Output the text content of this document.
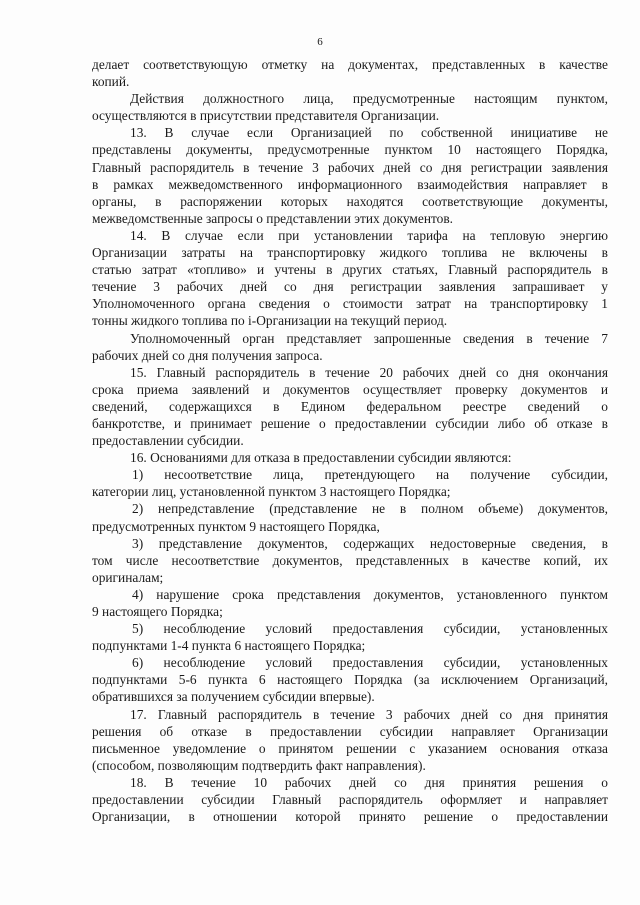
6
делает соответствующую отметку на документах, представленных в качестве
копий.
Действия должностного лица, предусмотренные настоящим пунктом,
осуществляются в присутствии представителя Организации.
13. В случае если Организацией по собственной инициативе не
представлены документы, предусмотренные пунктом 10 настоящего Порядка,
Главный распорядитель в течение 3 рабочих дней со дня регистрации заявления
в рамках межведомственного информационного взаимодействия направляет в
органы, в распоряжении которых находятся соответствующие документы,
межведомственные запросы о представлении этих документов.
14. В случае если при установлении тарифа на тепловую энергию
Организации затраты на транспортировку жидкого топлива не включены в
статью затрат «топливо» и учтены в других статьях, Главный распорядитель в
течение 3 рабочих дней со дня регистрации заявления запрашивает у
Уполномоченного органа сведения о стоимости затрат на транспортировку 1
тонны жидкого топлива по i-Организации на текущий период.
Уполномоченный орган представляет запрошенные сведения в течение 7
рабочих дней со дня получения запроса.
15. Главный распорядитель в течение 20 рабочих дней со дня окончания
срока приема заявлений и документов осуществляет проверку документов и
сведений, содержащихся в Едином федеральном реестре сведений о
банкротстве, и принимает решение о предоставлении субсидии либо об отказе в
предоставлении субсидии.
16. Основаниями для отказа в предоставлении субсидии являются:
1) несоответствие лица, претендующего на получение субсидии,
категории лиц, установленной пунктом 3 настоящего Порядка;
2) непредставление (представление не в полном объеме) документов,
предусмотренных пунктом 9 настоящего Порядка,
3) представление документов, содержащих недостоверные сведения, в
том числе несоответствие документов, представленных в качестве копий, их
оригиналам;
4) нарушение срока представления документов, установленного пунктом
9 настоящего Порядка;
5) несоблюдение условий предоставления субсидии, установленных
подпунктами 1-4 пункта 6 настоящего Порядка;
6) несоблюдение условий предоставления субсидии, установленных
подпунктами 5-6 пункта 6 настоящего Порядка (за исключением Организаций,
обратившихся за получением субсидии впервые).
17. Главный распорядитель в течение 3 рабочих дней со дня принятия
решения об отказе в предоставлении субсидии направляет Организации
письменное уведомление о принятом решении с указанием основания отказа
(способом, позволяющим подтвердить факт направления).
18. В течение 10 рабочих дней со дня принятия решения о
предоставлении субсидии Главный распорядитель оформляет и направляет
Организации, в отношении которой принято решение о предоставлении
